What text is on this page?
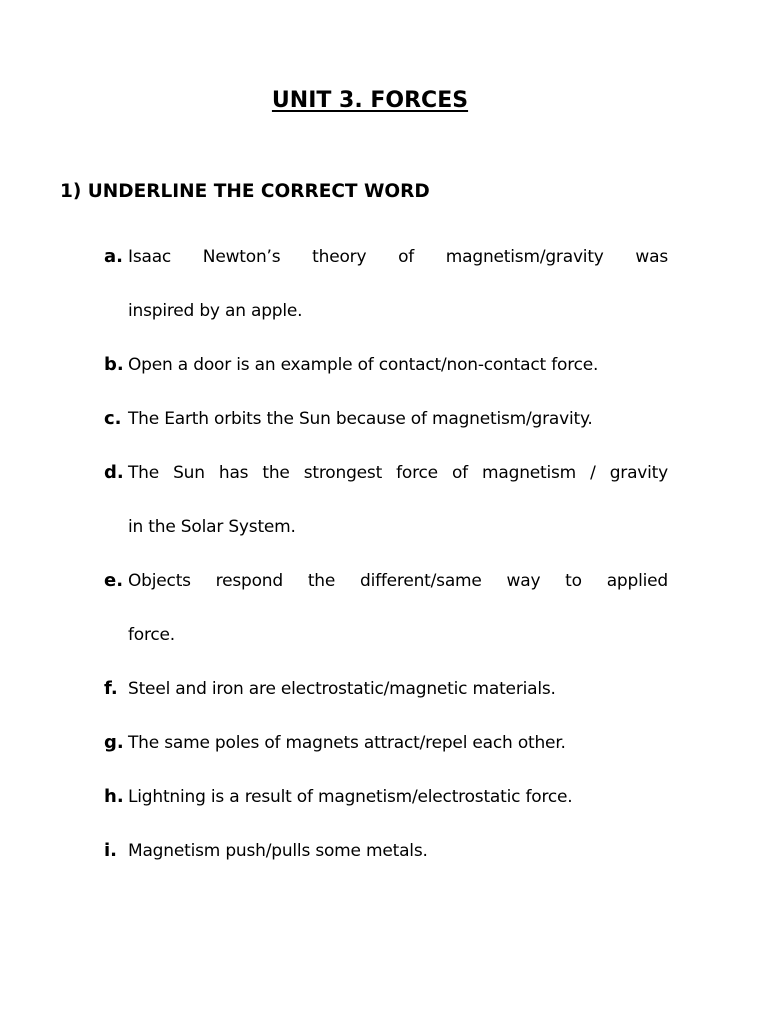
UNIT 3. FORCES
1) UNDERLINE THE CORRECT WORD
a. Isaac Newton’s theory of magnetism/gravity was
inspired by an apple.
b. Open a door is an example of contact/non-contact force.
c. The Earth orbits the Sun because of magnetism/gravity.
d. The Sun has the strongest force of magnetism / gravity
in the Solar System.
e. Objects respond the different/same way to applied
force.
f. Steel and iron are electrostatic/magnetic materials.
g. The same poles of magnets attract/repel each other.
h. Lightning is a result of magnetism/electrostatic force.
i. Magnetism push/pulls some metals.
